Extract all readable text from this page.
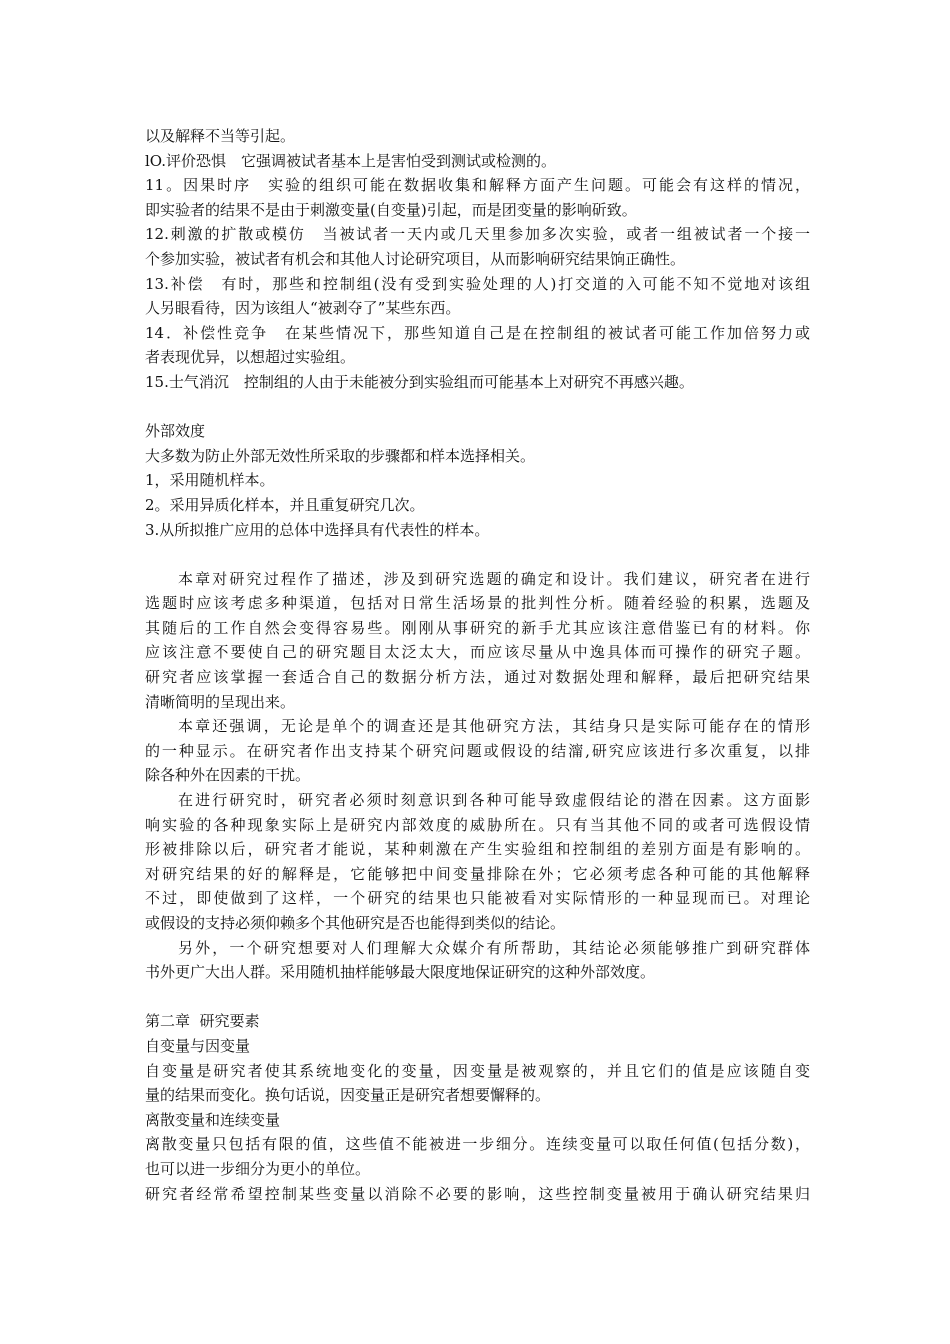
以及解释不当等引起。
lO.评价恐惧　它强调被试者基本上是害怕受到测试或检测的。
11。因果时序　实验的组织可能在数据收集和解释方面产生问题。可能会有这样的情况，
即实验者的结果不是由于刺激变量(自变量)引起，而是团变量的影响斫致。
12.刺激的扩散或模仿　当被试者一天内或几天里参加多次实验，或者一组被试者一个接一
个参加实验，被试者有机会和其他人讨论研究项目，从而影响研究结果饷正确性。
13.补偿　有时，那些和控制组(没有受到实验处理的人)打交道的入可能不知不觉地对该组
人另眼看待，因为该组人“被剥夺了”某些东西。
14．补偿性竞争　在某些情况下，那些知道自己是在控制组的被试者可能工作加倍努力或
者表现优异，以想超过实验组。
15.士气消沉　控制组的人由于未能被分到实验组而可能基本上对研究不再感兴趣。
外部效度
大多数为防止外部无效性所采取的步骤都和样本选择相关。
1，采用随机样本。
2。采用异质化样本，并且重复研究几次。
3.从所拟推广应用的总体中选择具有代表性的样本。
本章对研究过程作了描述，涉及到研究选题的确定和设计。我们建议，研究者在进行
选题时应该考虑多种渠道，包括对日常生活场景的批判性分析。随着经验的积累，选题及
其随后的工作自然会变得容易些。刚刚从事研究的新手尤其应该注意借鉴已有的材料。你
应该注意不要使自己的研究题目太泛太大，而应该尽量从中逸具体而可操作的研究子题。
研究者应该掌握一套适合自己的数据分析方法，通过对数据处理和解释，最后把研究结果
清晰简明的呈现出来。
本章还强调，无论是单个的调查还是其他研究方法，其结身只是实际可能存在的情形
的一种显示。在研究者作出支持某个研究问题或假设的结澝,研究应该进行多次重复，以排
除各种外在因素的干扰。
在进行研究时，研究者必须时刻意识到各种可能导致虚假结论的潜在因素。这方面影
响实验的各种现象实际上是研究内部效度的威胁所在。只有当其他不同的或者可选假设情
形被排除以后，研究者才能说，某种刺激在产生实验组和控制组的差别方面是有影响的。
对研究结果的好的解释是，它能够把中间变量排除在外；它必须考虑各种可能的其他解释
不过，即使做到了这样，一个研究的结果也只能被看对实际情形的一种显现而已。对理论
或假设的支持必须仰赖多个其他研究是否也能得到类似的结论。
另外，一个研究想要对人们理解大众媒介有所帮助，其结论必须能够推广到研究群体
书外更广大出人群。采用随机抽样能够最大限度地保证研究的这种外部效度。
第二章  研究要素
自变量与因变量
自变量是研究者使其系统地变化的变量，因变量是被观察的，并且它们的值是应该随自变
量的结果而变化。换句话说，因变量正是研究者想要懈释的。
离散变量和连续变量
离散变量只包括有限的值，这些值不能被进一步细分。连续变量可以取任何值(包括分数)，
也可以进一步细分为更小的单位。
研究者经常希望控制某些变量以消除不必要的影响，这些控制变量被用于确认研究结果归
